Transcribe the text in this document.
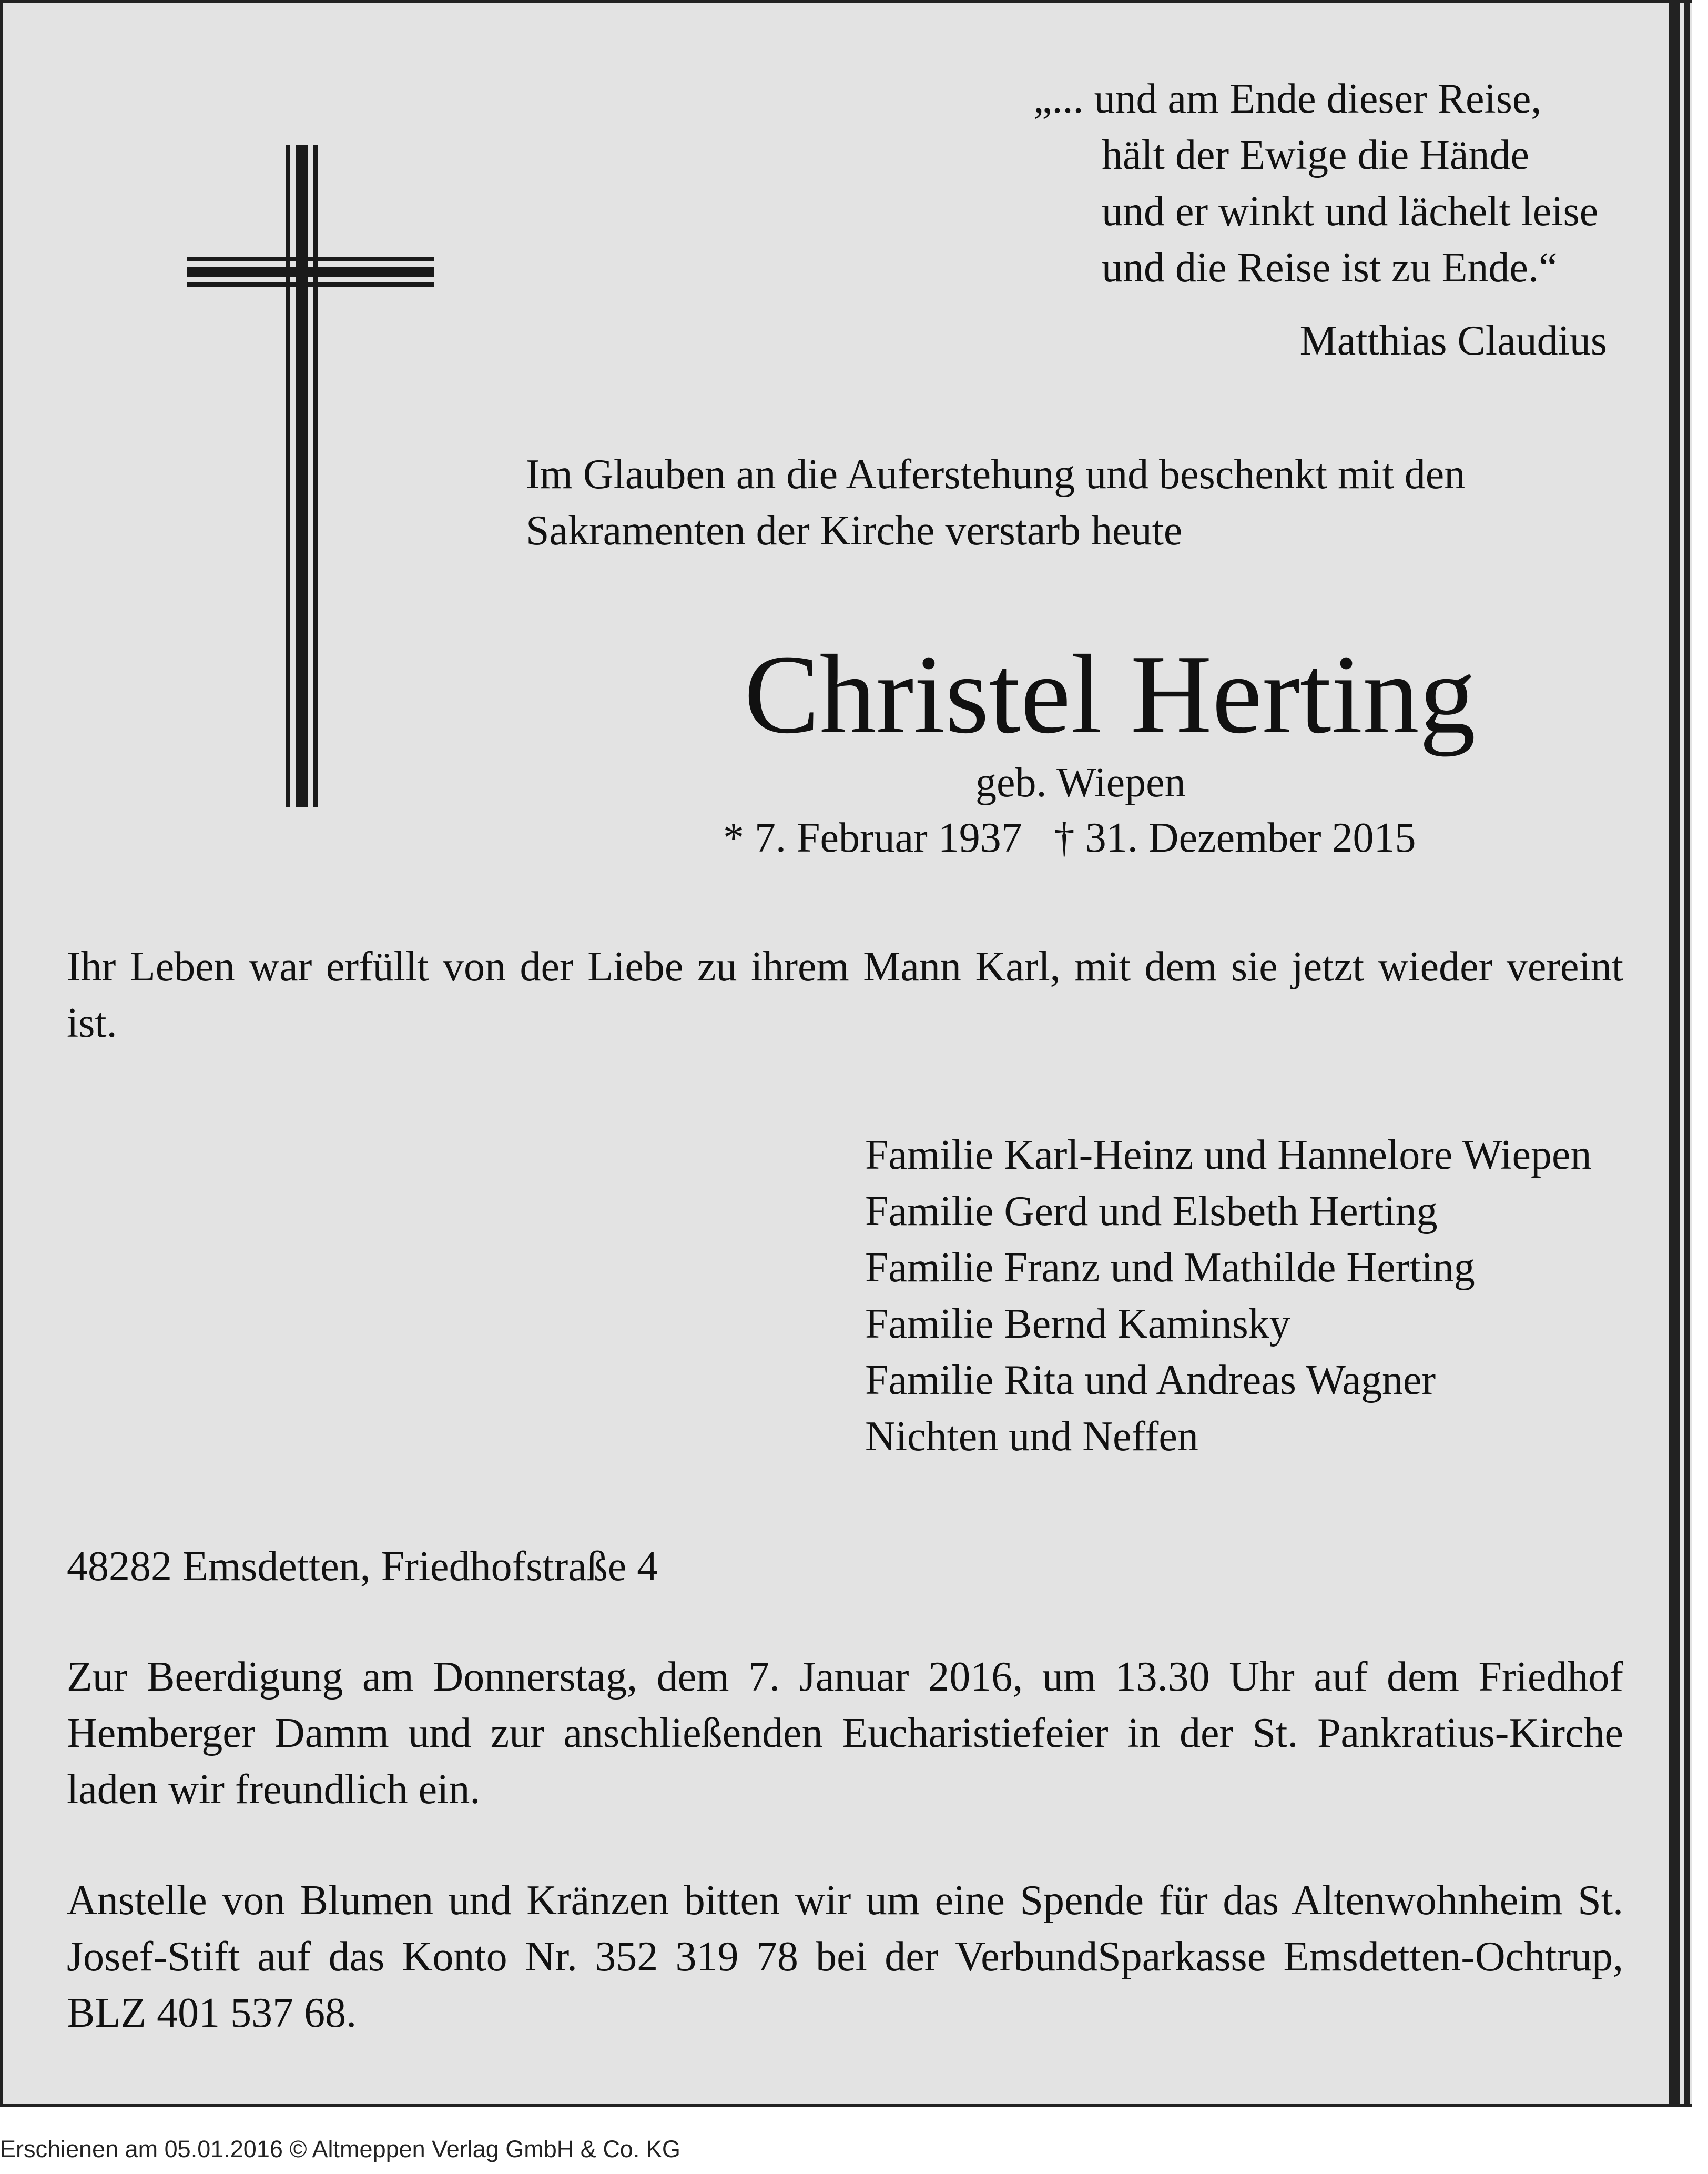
„... und am Ende dieser Reise,
hält der Ewige die Hände
und er winkt und lächelt leise
und die Reise ist zu Ende.“
Matthias Claudius
Im Glauben an die Auferstehung und beschenkt mit den
Sakramenten der Kirche verstarb heute
Christel Herting
geb. Wiepen
* 7. Februar 1937 † 31. Dezember 2015

Ihr Leben war erfüllt von der Liebe zu ihrem Mann Karl, mit dem sie jetzt wieder vereint ist.

Familie Karl-Heinz und Hannelore Wiepen
Familie Gerd und Elsbeth Herting
Familie Franz und Mathilde Herting
Familie Bernd Kaminsky
Familie Rita und Andreas Wagner
Nichten und Neffen
48282 Emsdetten, Friedhofstraße 4

Zur Beerdigung am Donnerstag, dem 7. Januar 2016, um 13.30 Uhr auf dem Friedhof Hemberger Damm und zur anschließenden Eucharistiefeier in der St. Pankratius-Kirche laden wir freundlich ein.

Anstelle von Blumen und Kränzen bitten wir um eine Spende für das Altenwohnheim St. Josef-Stift auf das Konto Nr. 352 319 78 bei der VerbundSparkasse Emsdetten-Ochtrup, BLZ 401 537 68.

Erschienen am 05.01.2016 © Altmeppen Verlag GmbH & Co. KG
